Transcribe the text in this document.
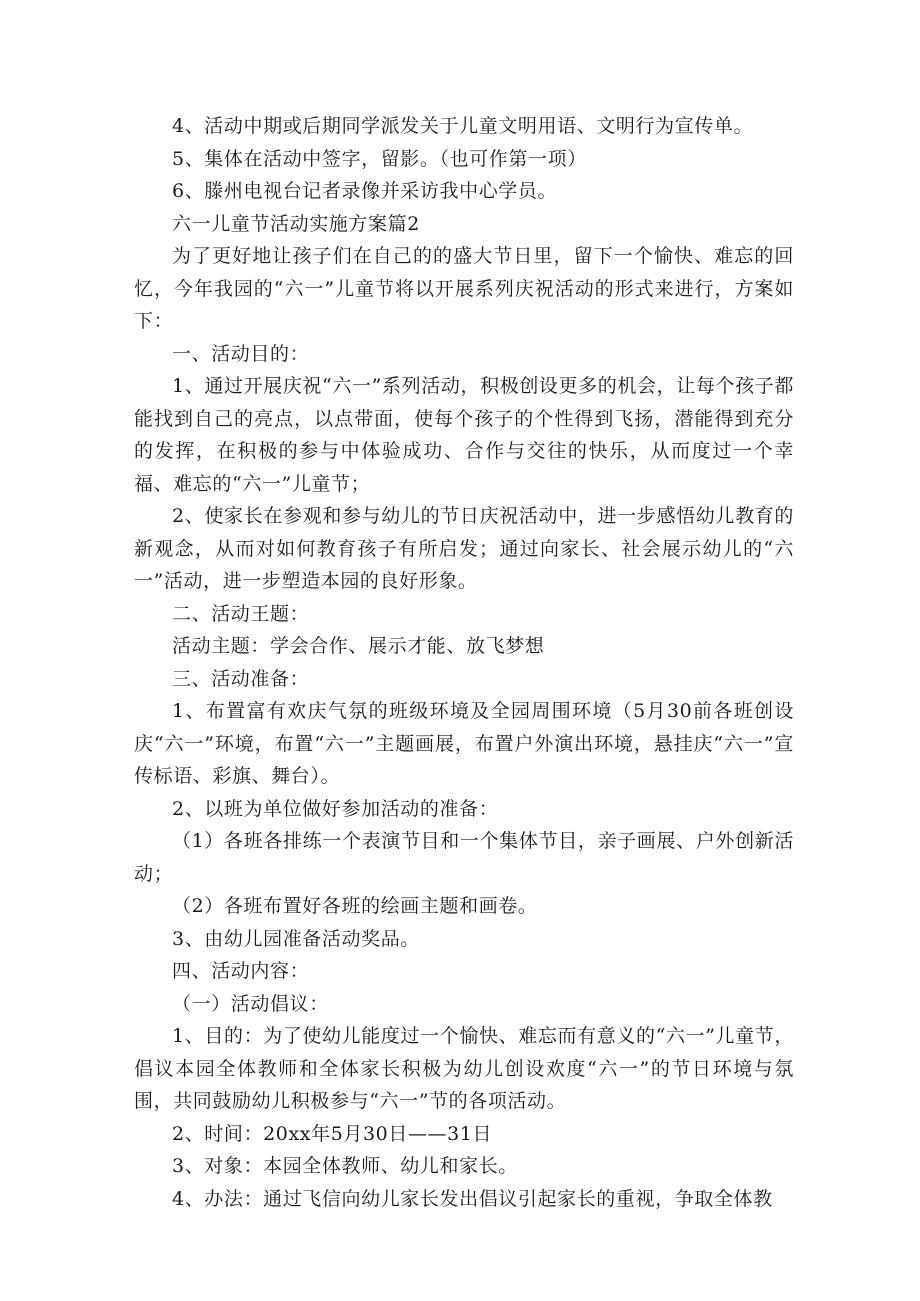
4、活动中期或后期同学派发关于儿童文明用语、文明行为宣传单。

5、集体在活动中签字，留影。（也可作第一项）

6、滕州电视台记者录像并采访我中心学员。

六一儿童节活动实施方案篇2

为了更好地让孩子们在自己的的盛大节日里，留下一个愉快、难忘的回忆，今年我园的“六一”儿童节将以开展系列庆祝活动的形式来进行，方案如下：

一、活动目的：

1、通过开展庆祝“六一”系列活动，积极创设更多的机会，让每个孩子都能找到自己的亮点，以点带面，使每个孩子的个性得到飞扬，潜能得到充分的发挥，在积极的参与中体验成功、合作与交往的快乐，从而度过一个幸福、难忘的“六一”儿童节；

2、使家长在参观和参与幼儿的节日庆祝活动中，进一步感悟幼儿教育的新观念，从而对如何教育孩子有所启发；通过向家长、社会展示幼儿的“六一”活动，进一步塑造本园的良好形象。

二、活动王题：

活动主题：学会合作、展示才能、放飞梦想

三、活动准备：

1、布置富有欢庆气氛的班级环境及全园周围环境（5月30前各班创设庆“六一”环境，布置“六一”主题画展，布置户外演出环境，悬挂庆“六一”宣传标语、彩旗、舞台）。

2、以班为单位做好参加活动的准备：

（1）各班各排练一个表演节目和一个集体节目，亲子画展、户外创新活动；

（2）各班布置好各班的绘画主题和画卷。

3、由幼儿园准备活动奖品。

四、活动内容：

（一）活动倡议：

1、目的：为了使幼儿能度过一个愉快、难忘而有意义的“六一”儿童节，倡议本园全体教师和全体家长积极为幼儿创设欢度“六一”的节日环境与氛围，共同鼓励幼儿积极参与“六一”节的各项活动。

2、时间：20xx年5月30日——31日

3、对象：本园全体教师、幼儿和家长。

4、办法：通过飞信向幼儿家长发出倡议引起家长的重视，争取全体教
